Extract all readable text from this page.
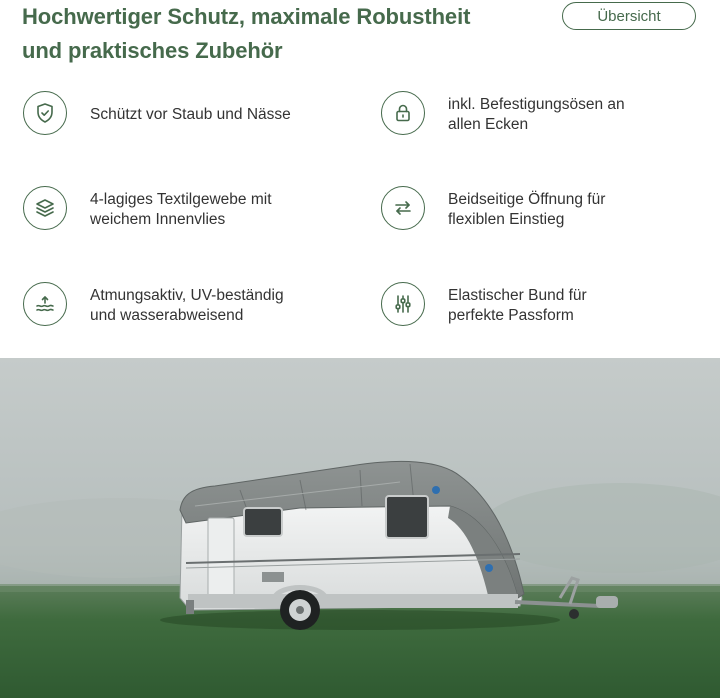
Hochwertiger Schutz, maximale Robustheit
und praktisches Zubehör
Übersicht
Schützt vor Staub und Nässe
inkl. Befestigungsösen an
allen Ecken
4-lagiges Textilgewebe mit
weichem Innenvlies
Beidseitige Öffnung für
flexiblen Einstieg
Atmungsaktiv, UV-beständig
und wasserabweisend
Elastischer Bund für
perfekte Passform
